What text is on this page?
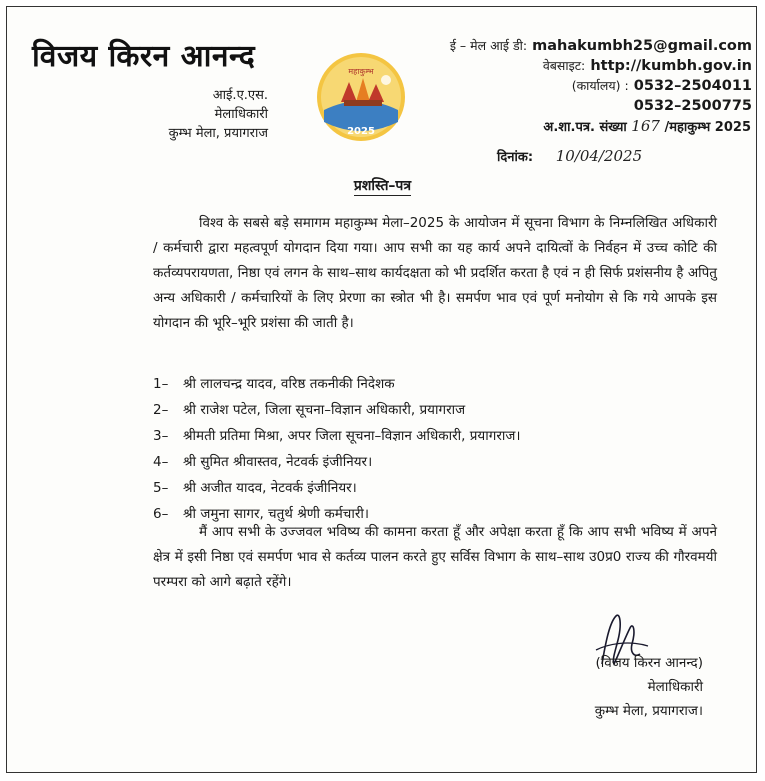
विजय किरन आनन्द
आई.ए.एस.
मेलाधिकारी
कुम्भ मेला, प्रयागराज
महाकुम्भ
2025
ई – मेल आई डी: mahakumbh25@gmail.com
वेबसाइट: http://kumbh.gov.in
(कार्यालय) : 0532–2504011
0532–2500775
अ.शा.पत्र. संख्या 167 /महाकुम्भ 2025
दिनांक: 10/04/2025
प्रशस्ति–पत्र
विश्व के सबसे बड़े समागम महाकुम्भ मेला–2025 के आयोजन में सूचना विभाग के निम्नलिखित अधिकारी / कर्मचारी द्वारा महत्वपूर्ण योगदान दिया गया। आप सभी का यह कार्य अपने दायित्वों के निर्वहन में उच्च कोटि की कर्तव्यपरायणता, निष्ठा एवं लगन के साथ–साथ कार्यदक्षता को भी प्रदर्शित करता है एवं न ही सिर्फ प्रशंसनीय है अपितु अन्य अधिकारी / कर्मचारियों के लिए प्रेरणा का स्त्रोत भी है। समर्पण भाव एवं पूर्ण मनोयोग से कि गये आपके इस योगदान की भूरि–भूरि प्रशंसा की जाती है।
1– श्री लालचन्द्र यादव, वरिष्ठ तकनीकी निदेशक
2– श्री राजेश पटेल, जिला सूचना–विज्ञान अधिकारी, प्रयागराज
3– श्रीमती प्रतिमा मिश्रा, अपर जिला सूचना–विज्ञान अधिकारी, प्रयागराज।
4– श्री सुमित श्रीवास्तव, नेटवर्क इंजीनियर।
5– श्री अजीत यादव, नेटवर्क इंजीनियर।
6– श्री जमुना सागर, चतुर्थ श्रेणी कर्मचारी।
मैं आप सभी के उज्जवल भविष्य की कामना करता हूँ और अपेक्षा करता हूँ कि आप सभी भविष्य में अपने क्षेत्र में इसी निष्ठा एवं समर्पण भाव से कर्तव्य पालन करते हुए सर्विस विभाग के साथ–साथ उ0प्र0 राज्य की गौरवमयी परम्परा को आगे बढ़ाते रहेंगे।
(विजय किरन आनन्द)
मेलाधिकारी
कुम्भ मेला, प्रयागराज।
